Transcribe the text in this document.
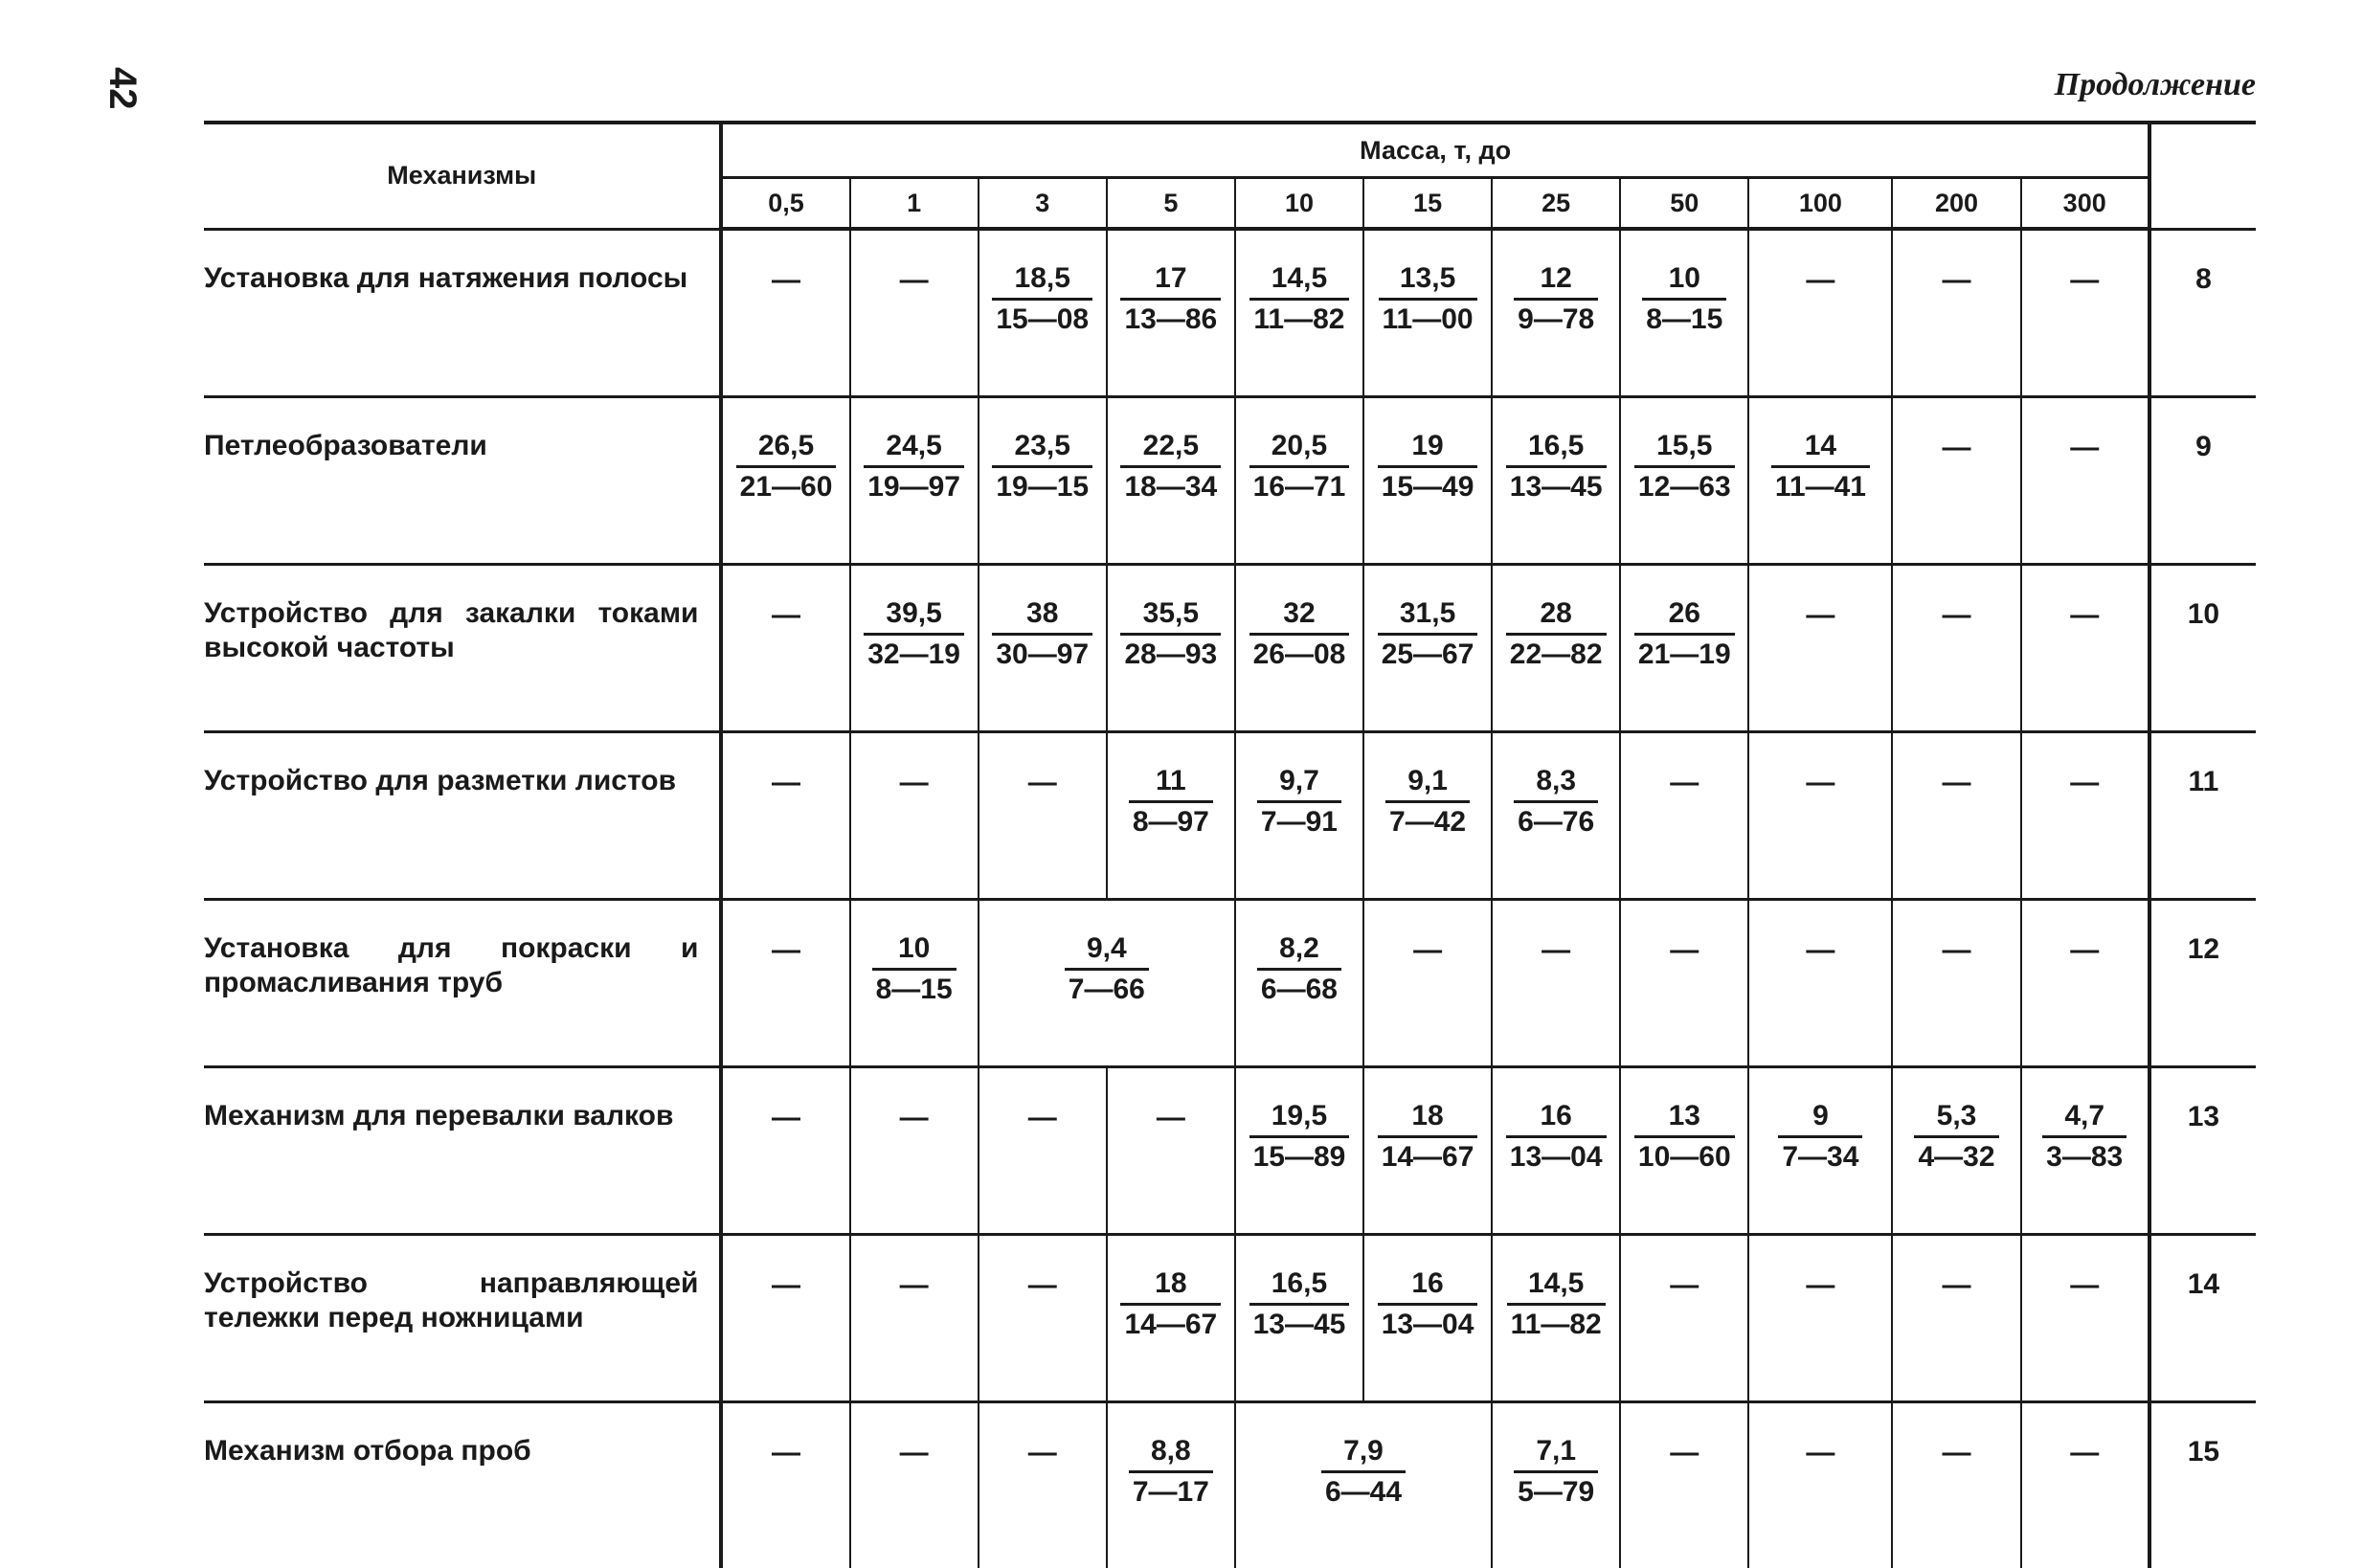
42	Продолжение
Механизмы	Масса, т, до											
	0,5	1	3	5	10	15	25	50	100	200	300	
Установка для натяжения полосы	—	—	$\frac{18,5}{15—08}$	$\frac{17}{13—86}$	$\frac{14,5}{11—82}$	$\frac{13,5}{11—00}$	$\frac{12}{9—78}$	$\frac{10}{8—15}$	—	—	—	8
Петлеобразователи	$\frac{26,5}{21—60}$	$\frac{24,5}{19—97}$	$\frac{23,5}{19—15}$	$\frac{22,5}{18—34}$	$\frac{20,5}{16—71}$	$\frac{19}{15—49}$	$\frac{16,5}{13—45}$	$\frac{15,5}{12—63}$	$\frac{14}{11—41}$	—	—	9
Устройство для закалки токами высокой частоты	—	$\frac{39,5}{32—19}$	$\frac{38}{30—97}$	$\frac{35,5}{28—93}$	$\frac{32}{26—08}$	$\frac{31,5}{25—67}$	$\frac{28}{22—82}$	$\frac{26}{21—19}$	—	—	—	10
Устройство для разметки листов	—	—	—	$\frac{11}{8—97}$	$\frac{9,7}{7—91}$	$\frac{9,1}{7—42}$	$\frac{8,3}{6—76}$	—	—	—	—	11
Установка для покраски и промасливания труб	—	$\frac{10}{8—15}$	$\frac{9,4}{7—66}$		$\frac{8,2}{6—68}$	—	—	—	—	—	—	12
Механизм для перевалки валков	—	—	—	—	$\frac{19,5}{15—89}$	$\frac{18}{14—67}$	$\frac{16}{13—04}$	$\frac{13}{10—60}$	$\frac{9}{7—34}$	$\frac{5,3}{4—32}$	$\frac{4,7}{3—83}$	13
Устройство направляющей тележки перед ножницами	—	—	—	$\frac{18}{14—67}$	$\frac{16,5}{13—45}$	$\frac{16}{13—04}$	$\frac{14,5}{11—82}$	—	—	—	—	14
Механизм отбора проб	—	—	—	$\frac{8,8}{7—17}$	$\frac{7,9}{6—44}$		$\frac{7,1}{5—79}$	—	—	—	—	15
